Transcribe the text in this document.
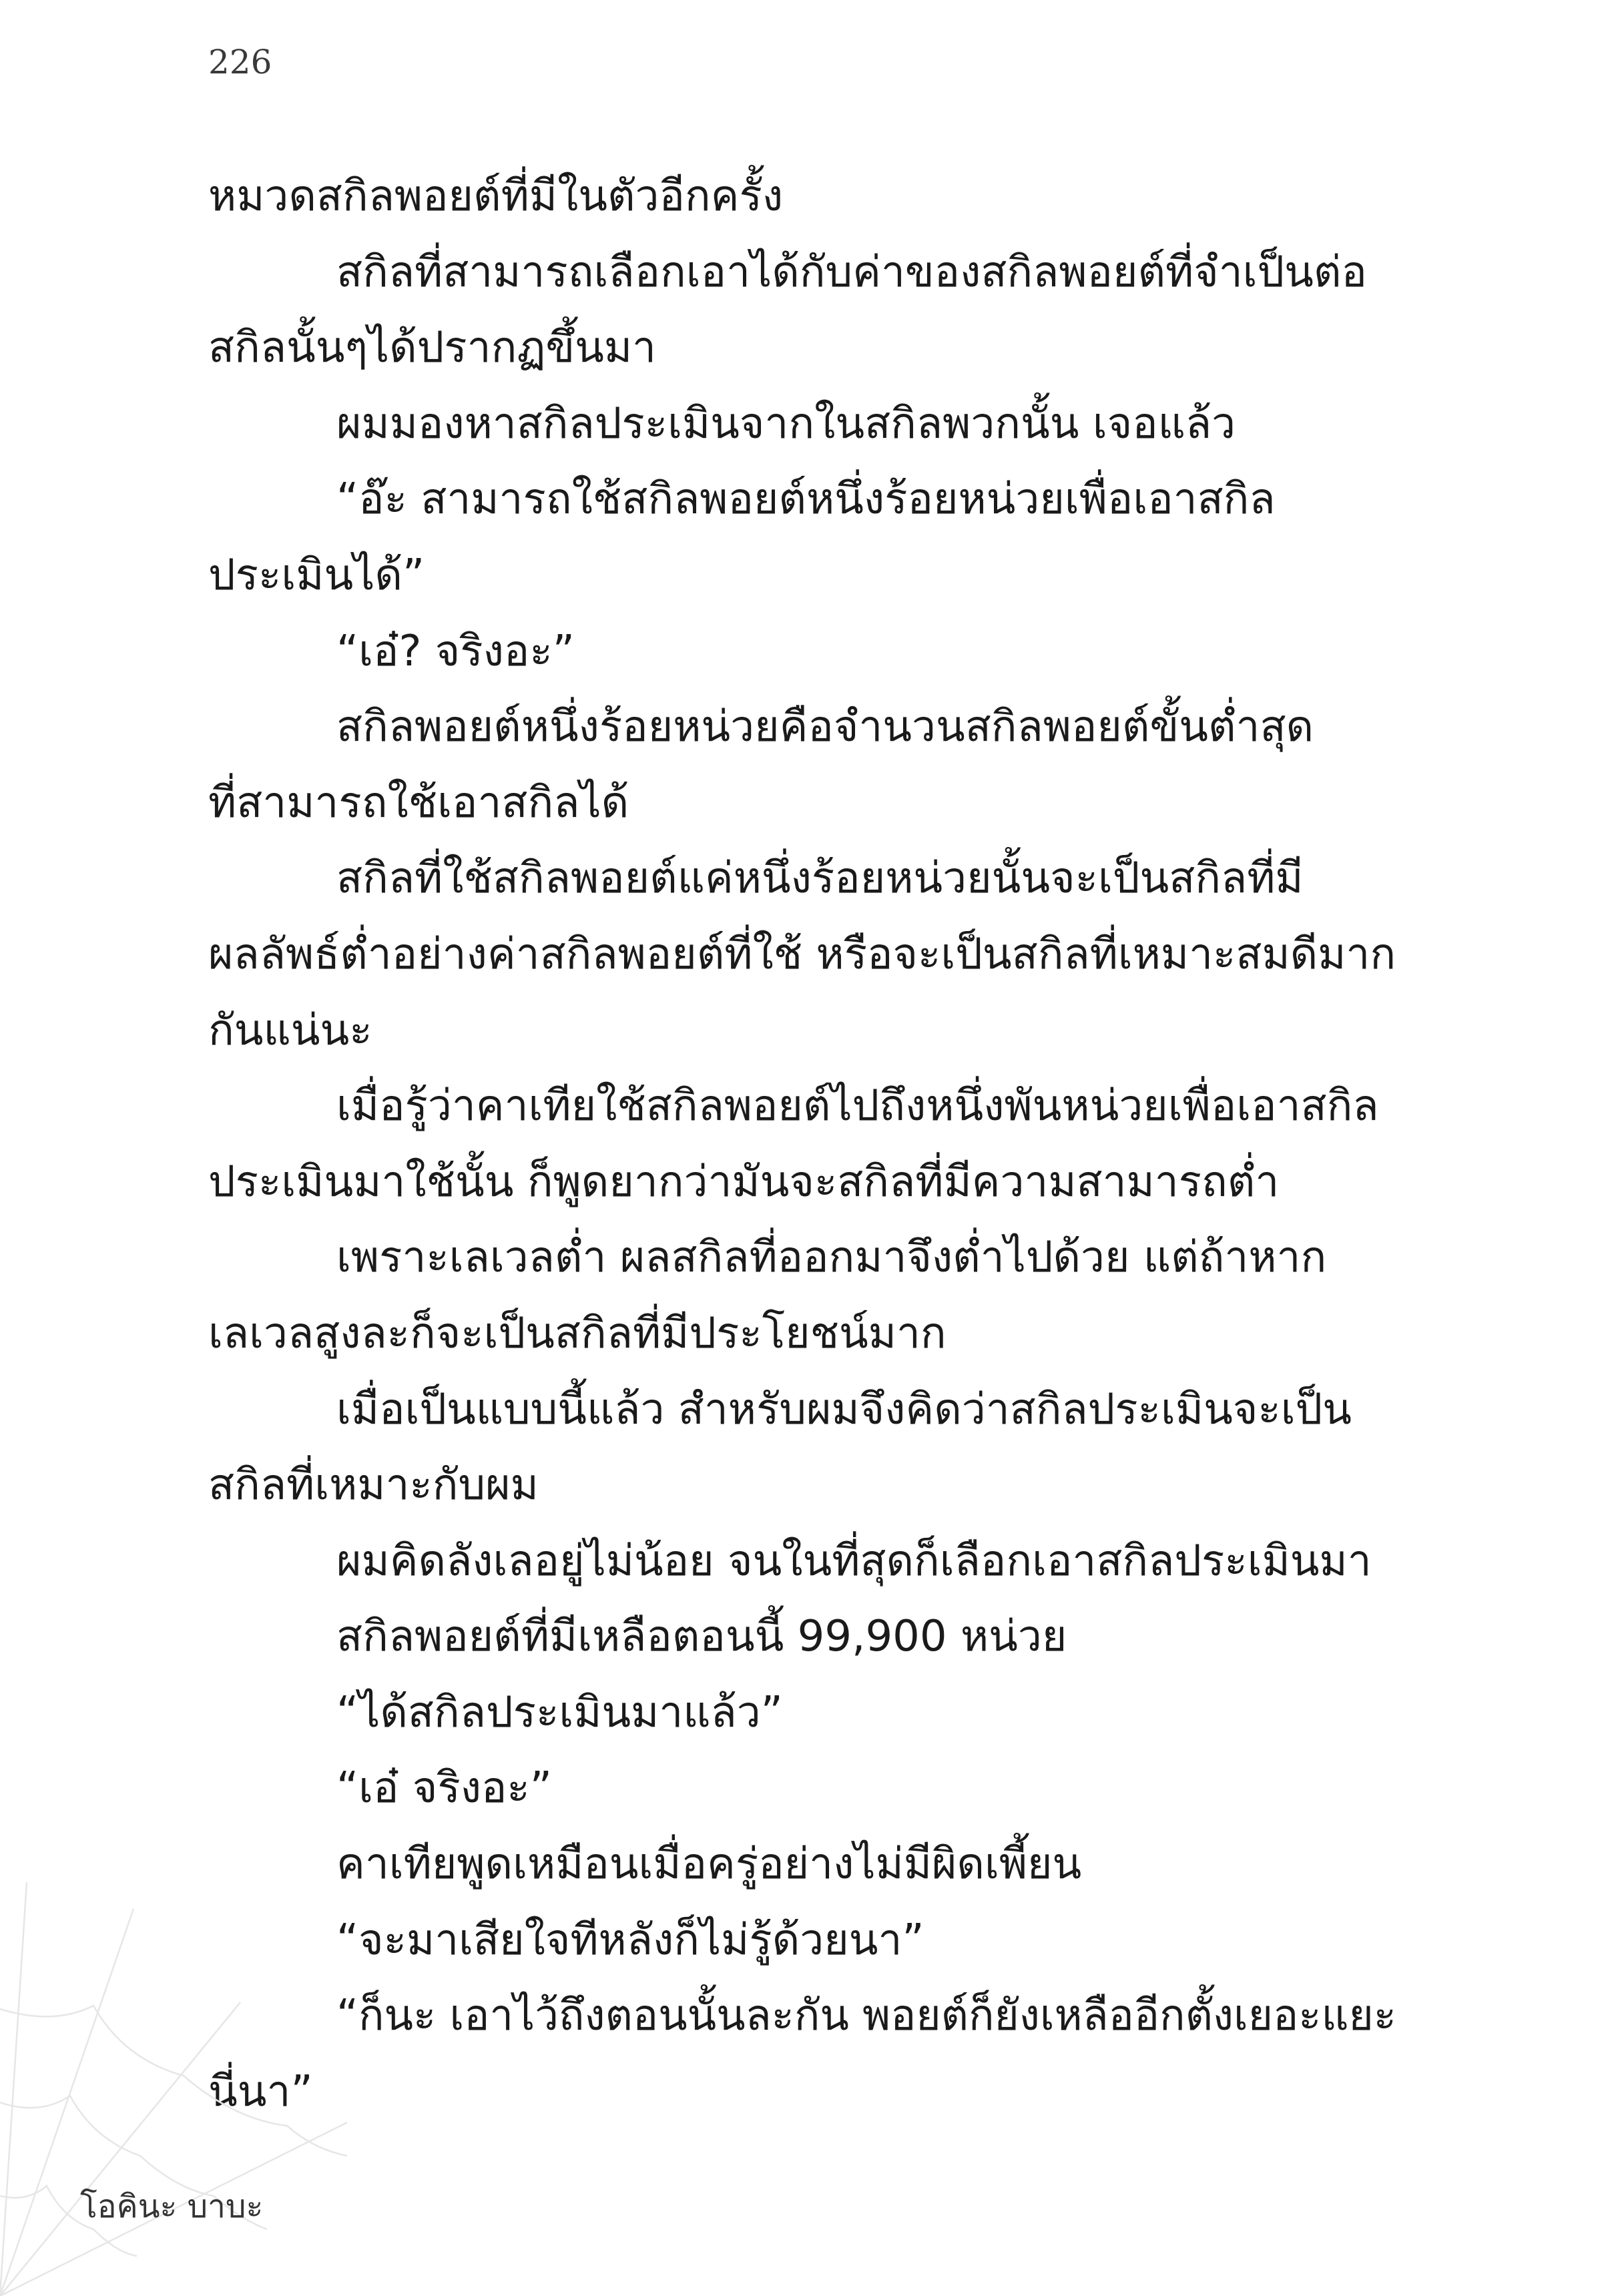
226
หมวดสกิลพอยต์ที่มีในตัวอีกครั้ง
สกิลที่สามารถเลือกเอาได้กับค่าของสกิลพอยต์ที่จำเป็นต่อ
สกิลนั้นๆได้ปรากฏขึ้นมา
ผมมองหาสกิลประเมินจากในสกิลพวกนั้น เจอแล้ว
“อ๊ะ สามารถใช้สกิลพอยต์หนึ่งร้อยหน่วยเพื่อเอาสกิล
ประเมินได้”
“เอ๋? จริงอะ”
สกิลพอยต์หนึ่งร้อยหน่วยคือจำนวนสกิลพอยต์ขั้นต่ำสุด
ที่สามารถใช้เอาสกิลได้
สกิลที่ใช้สกิลพอยต์แค่หนึ่งร้อยหน่วยนั้นจะเป็นสกิลที่มี
ผลลัพธ์ต่ำอย่างค่าสกิลพอยต์ที่ใช้ หรือจะเป็นสกิลที่เหมาะสมดีมาก
กันแน่นะ
เมื่อรู้ว่าคาเทียใช้สกิลพอยต์ไปถึงหนึ่งพันหน่วยเพื่อเอาสกิล
ประเมินมาใช้นั้น ก็พูดยากว่ามันจะสกิลที่มีความสามารถต่ำ
เพราะเลเวลต่ำ ผลสกิลที่ออกมาจึงต่ำไปด้วย แต่ถ้าหาก
เลเวลสูงละก็จะเป็นสกิลที่มีประโยชน์มาก
เมื่อเป็นแบบนี้แล้ว สำหรับผมจึงคิดว่าสกิลประเมินจะเป็น
สกิลที่เหมาะกับผม
ผมคิดลังเลอยู่ไม่น้อย จนในที่สุดก็เลือกเอาสกิลประเมินมา
สกิลพอยต์ที่มีเหลือตอนนี้ 99,900 หน่วย
“ได้สกิลประเมินมาแล้ว”
“เอ๋ จริงอะ”
คาเทียพูดเหมือนเมื่อครู่อย่างไม่มีผิดเพี้ยน
“จะมาเสียใจทีหลังก็ไม่รู้ด้วยนา”
“ก็นะ เอาไว้ถึงตอนนั้นละกัน พอยต์ก็ยังเหลืออีกตั้งเยอะแยะ
นี่นา”
โอคินะ บาบะ
